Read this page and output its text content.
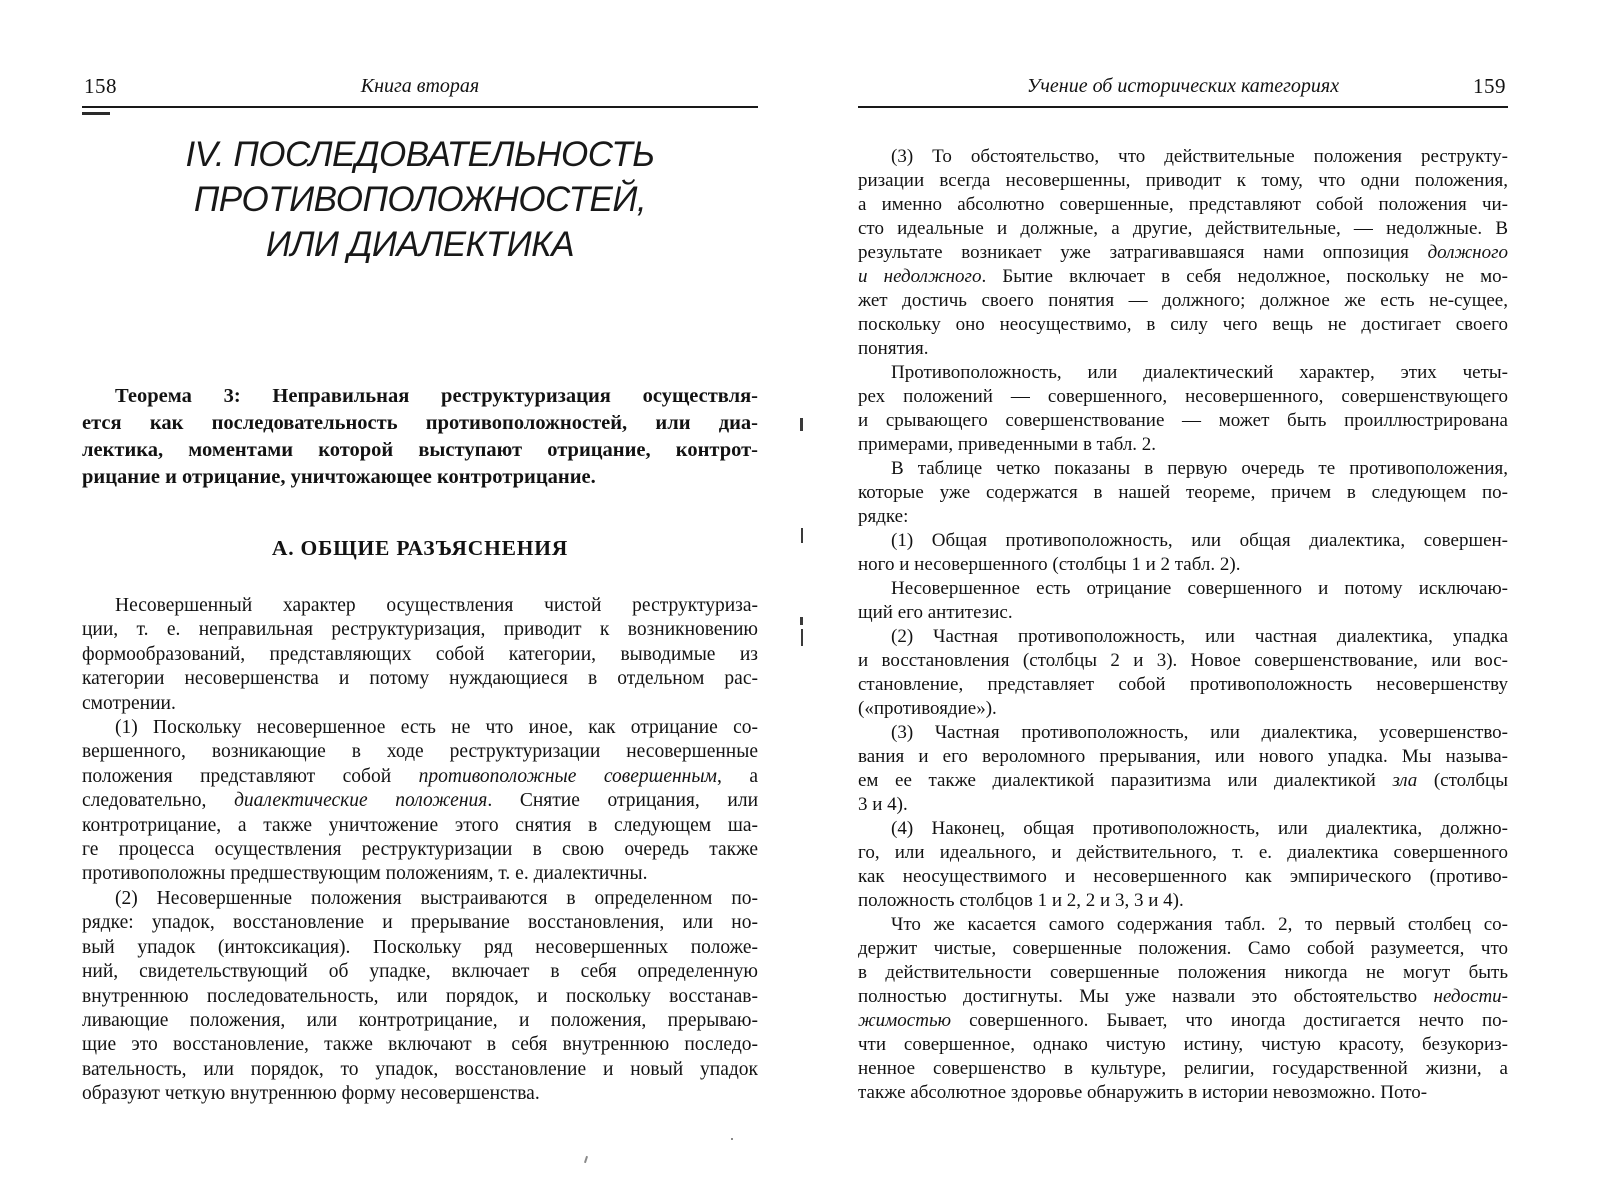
158	Книга вторая
IV. ПОСЛЕДОВАТЕЛЬНОСТЬ
ПРОТИВОПОЛОЖНОСТЕЙ,
ИЛИ ДИАЛЕКТИКА
Теорема 3: Неправильная реструктуризация осуществля-
ется как последовательность противоположностей, или диа-
лектика, моментами которой выступают отрицание, контрот-
рицание и отрицание, уничтожающее контротрицание.
А. ОБЩИЕ РАЗЪЯСНЕНИЯ
Несовершенный характер осуществления чистой реструктуриза-
ции, т. е. неправильная реструктуризация, приводит к возникновению
формообразований, представляющих собой категории, выводимые из
категории несовершенства и потому нуждающиеся в отдельном рас-
смотрении.
(1) Поскольку несовершенное есть не что иное, как отрицание со-
вершенного, возникающие в ходе реструктуризации несовершенные
положения представляют собой противоположные совершенным, а
следовательно, диалектические положения. Снятие отрицания, или
контротрицание, а также уничтожение этого снятия в следующем ша-
ге процесса осуществления реструктуризации в свою очередь также
противоположны предшествующим положениям, т. е. диалектичны.
(2) Несовершенные положения выстраиваются в определенном по-
рядке: упадок, восстановление и прерывание восстановления, или но-
вый упадок (интоксикация). Поскольку ряд несовершенных положе-
ний, свидетельствующий об упадке, включает в себя определенную
внутреннюю последовательность, или порядок, и поскольку восстанав-
ливающие положения, или контротрицание, и положения, прерываю-
щие это восстановление, также включают в себя внутреннюю последо-
вательность, или порядок, то упадок, восстановление и новый упадок
образуют четкую внутреннюю форму несовершенства.
Учение об исторических категориях	159
(3) То обстоятельство, что действительные положения реструкту-
ризации всегда несовершенны, приводит к тому, что одни положения,
а именно абсолютно совершенные, представляют собой положения чи-
сто идеальные и должные, а другие, действительные, — недолжные. В
результате возникает уже затрагивавшаяся нами оппозиция должного
и недолжного. Бытие включает в себя недолжное, поскольку не мо-
жет достичь своего понятия — должного; должное же есть не-сущее,
поскольку оно неосуществимо, в силу чего вещь не достигает своего
понятия.
Противоположность, или диалектический характер, этих четы-
рех положений — совершенного, несовершенного, совершенствующего
и срывающего совершенствование — может быть проиллюстрирована
примерами, приведенными в табл. 2.
В таблице четко показаны в первую очередь те противоположения,
которые уже содержатся в нашей теореме, причем в следующем по-
рядке:
(1) Общая противоположность, или общая диалектика, совершен-
ного и несовершенного (столбцы 1 и 2 табл. 2).
Несовершенное есть отрицание совершенного и потому исключаю-
щий его антитезис.
(2) Частная противоположность, или частная диалектика, упадка
и восстановления (столбцы 2 и 3). Новое совершенствование, или вос-
становление, представляет собой противоположность несовершенству
(«противоядие»).
(3) Частная противоположность, или диалектика, усовершенство-
вания и его вероломного прерывания, или нового упадка. Мы называ-
ем ее также диалектикой паразитизма или диалектикой зла (столбцы
3 и 4).
(4) Наконец, общая противоположность, или диалектика, должно-
го, или идеального, и действительного, т. е. диалектика совершенного
как неосуществимого и несовершенного как эмпирического (противо-
положность столбцов 1 и 2, 2 и 3, 3 и 4).
Что же касается самого содержания табл. 2, то первый столбец со-
держит чистые, совершенные положения. Само собой разумеется, что
в действительности совершенные положения никогда не могут быть
полностью достигнуты. Мы уже назвали это обстоятельство недости-
жимостью совершенного. Бывает, что иногда достигается нечто по-
чти совершенное, однако чистую истину, чистую красоту, безукориз-
ненное совершенство в культуре, религии, государственной жизни, а
также абсолютное здоровье обнаружить в истории невозможно. Пото-
